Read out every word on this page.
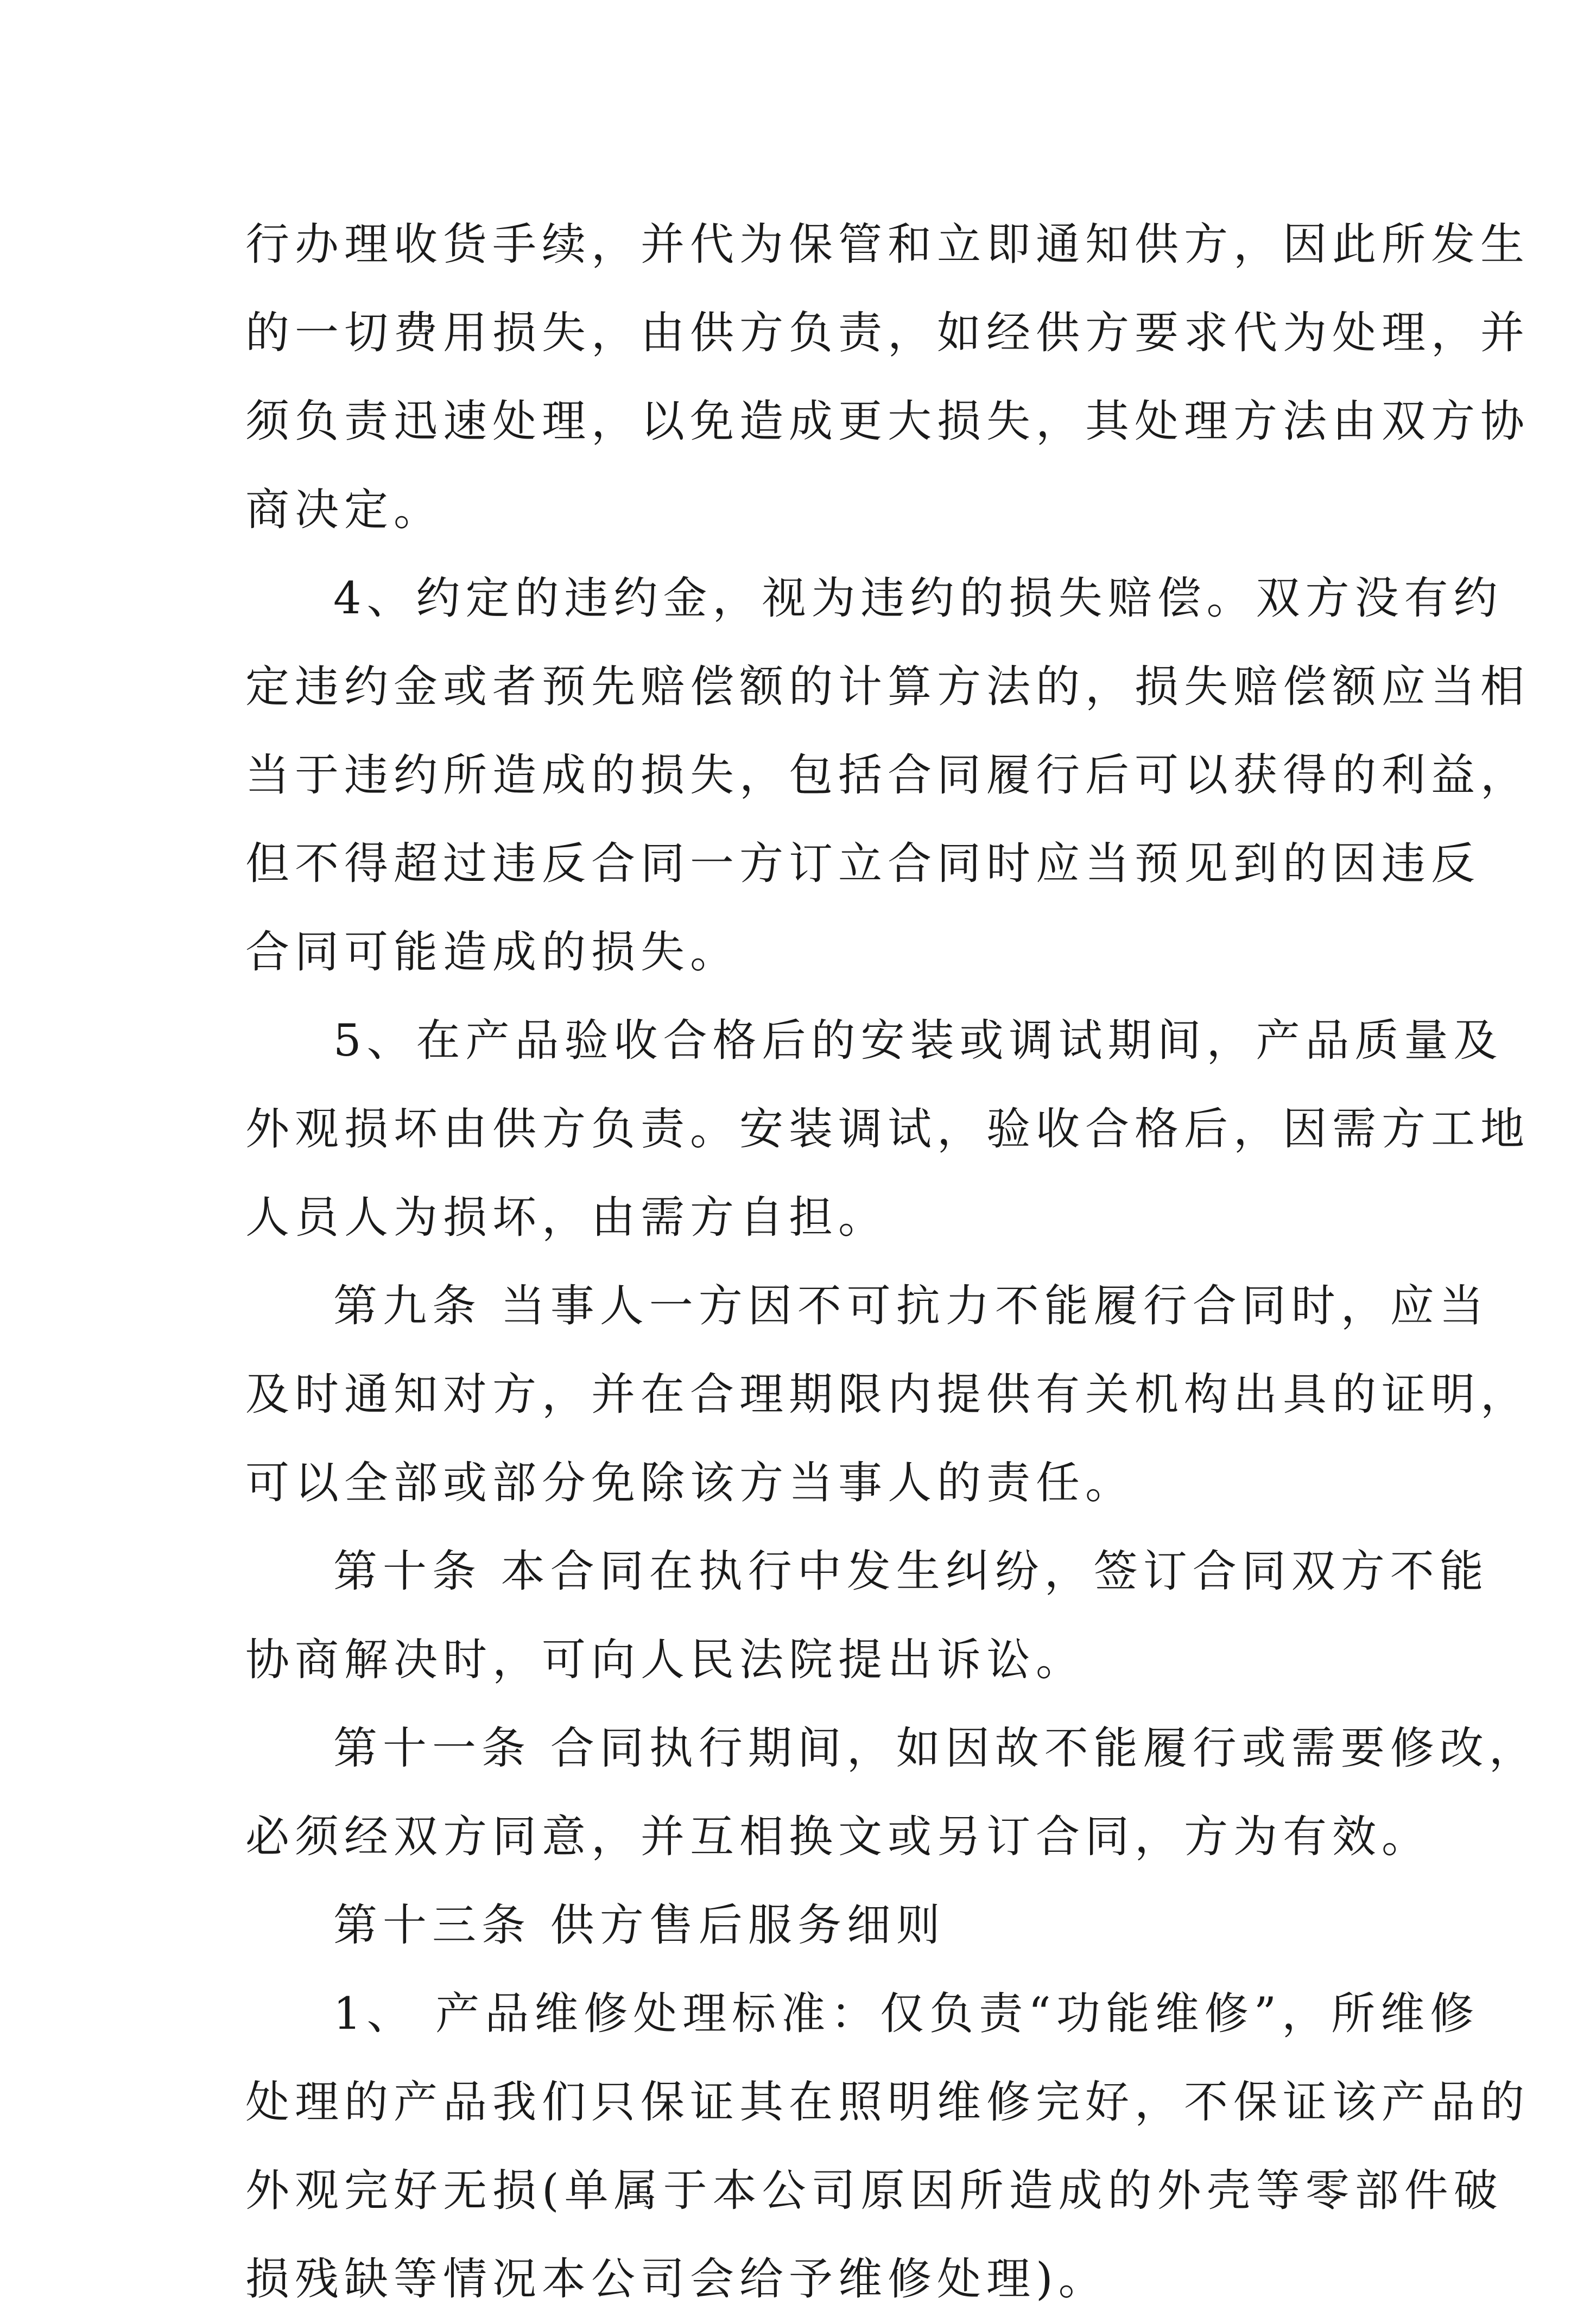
行办理收货手续，并代为保管和立即通知供方，因此所发生
的一切费用损失，由供方负责，如经供方要求代为处理，并
须负责迅速处理，以免造成更大损失，其处理方法由双方协
商决定。
4、约定的违约金，视为违约的损失赔偿。双方没有约
定违约金或者预先赔偿额的计算方法的，损失赔偿额应当相
当于违约所造成的损失，包括合同履行后可以获得的利益，
但不得超过违反合同一方订立合同时应当预见到的因违反
合同可能造成的损失。
5、在产品验收合格后的安装或调试期间，产品质量及
外观损坏由供方负责。安装调试，验收合格后，因需方工地
人员人为损坏，由需方自担。
第九条 当事人一方因不可抗力不能履行合同时，应当
及时通知对方，并在合理期限内提供有关机构出具的证明，
可以全部或部分免除该方当事人的责任。
第十条 本合同在执行中发生纠纷，签订合同双方不能
协商解决时，可向人民法院提出诉讼。
第十一条 合同执行期间，如因故不能履行或需要修改，
必须经双方同意，并互相换文或另订合同，方为有效。
第十三条 供方售后服务细则
1、 产品维修处理标准：仅负责“功能维修”，所维修
处理的产品我们只保证其在照明维修完好，不保证该产品的
外观完好无损(单属于本公司原因所造成的外壳等零部件破
损残缺等情况本公司会给予维修处理)。
